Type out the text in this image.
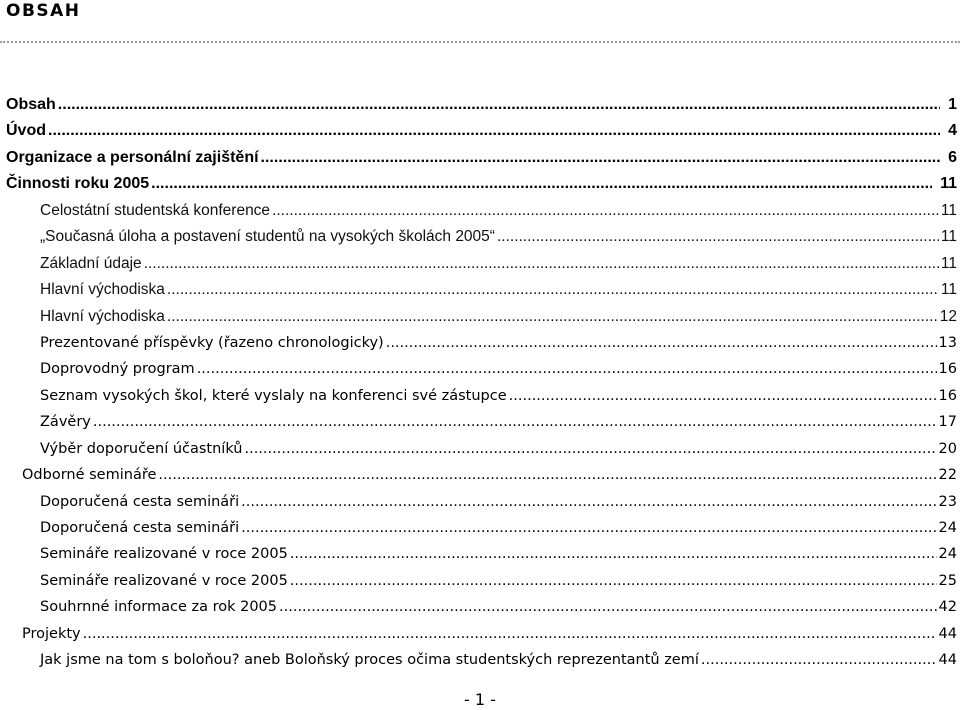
OBSAH
Obsah .....	1
Úvod .....	4
Organizace a personální zajištění .....	6
Činnosti roku 2005 .....	11
Celostátní studentská konference .....	11
„Současná úloha a postavení studentů na vysokých školách 2005“ .....	11
Základní údaje .....	11
Hlavní východiska .....	11
Hlavní východiska .....	12
Prezentované příspěvky (řazeno chronologicky) .....	13
Doprovodný program .....	16
Seznam vysokých škol, které vyslaly na konferenci své zástupce .....	16
Závěry .....	17
Výběr doporučení účastníků .....	20
Odborné semináře .....	22
Doporučená cesta semináři .....	23
Doporučená cesta semináři .....	24
Semináře realizované v roce 2005 .....	24
Semináře realizované v roce 2005 .....	25
Souhrnné informace za rok 2005 .....	42
Projekty .....	44
Jak jsme na tom s boloňou? aneb Boloňský proces očima studentských reprezentantů zemí .....	44
- 1 -
